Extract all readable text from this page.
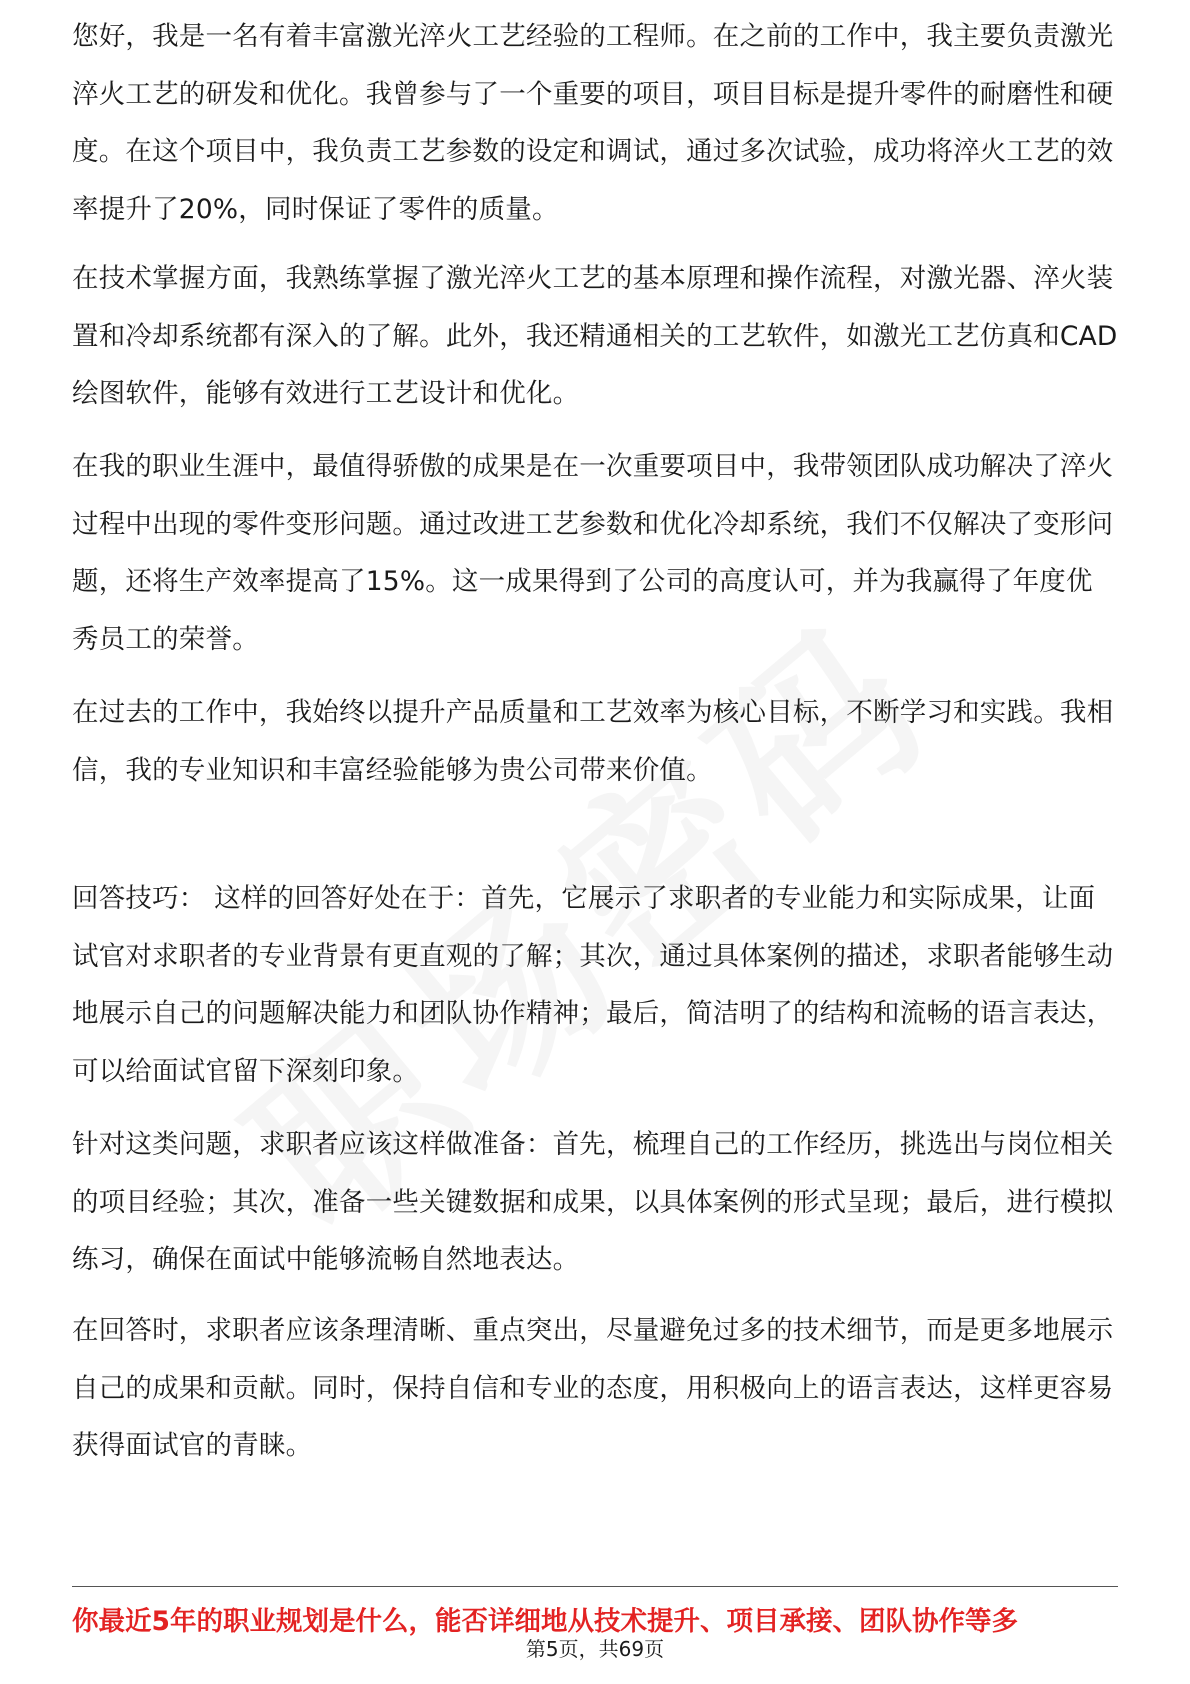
您好，我是一名有着丰富激光淬火工艺经验的工程师。在之前的工作中，我主要负责激光淬火工艺的研发和优化。我曾参与了一个重要的项目，项目目标是提升零件的耐磨性和硬度。在这个项目中，我负责工艺参数的设定和调试，通过多次试验，成功将淬火工艺的效率提升了20%，同时保证了零件的质量。

在技术掌握方面，我熟练掌握了激光淬火工艺的基本原理和操作流程，对激光器、淬火装置和冷却系统都有深入的了解。此外，我还精通相关的工艺软件，如激光工艺仿真和CAD绘图软件，能够有效进行工艺设计和优化。

在我的职业生涯中，最值得骄傲的成果是在一次重要项目中，我带领团队成功解决了淬火过程中出现的零件变形问题。通过改进工艺参数和优化冷却系统，我们不仅解决了变形问题，还将生产效率提高了15%。这一成果得到了公司的高度认可，并为我赢得了年度优秀员工的荣誉。

在过去的工作中，我始终以提升产品质量和工艺效率为核心目标，不断学习和实践。我相信，我的专业知识和丰富经验能够为贵公司带来价值。

回答技巧： 这样的回答好处在于：首先，它展示了求职者的专业能力和实际成果，让面试官对求职者的专业背景有更直观的了解；其次，通过具体案例的描述，求职者能够生动地展示自己的问题解决能力和团队协作精神；最后，简洁明了的结构和流畅的语言表达，可以给面试官留下深刻印象。

针对这类问题，求职者应该这样做准备：首先，梳理自己的工作经历，挑选出与岗位相关的项目经验；其次，准备一些关键数据和成果，以具体案例的形式呈现；最后，进行模拟练习，确保在面试中能够流畅自然地表达。

在回答时，求职者应该条理清晰、重点突出，尽量避免过多的技术细节，而是更多地展示自己的成果和贡献。同时，保持自信和专业的态度，用积极向上的语言表达，这样更容易获得面试官的青睐。

你最近5年的职业规划是什么，能否详细地从技术提升、项目承接、团队协作等多

第5页，共69页
